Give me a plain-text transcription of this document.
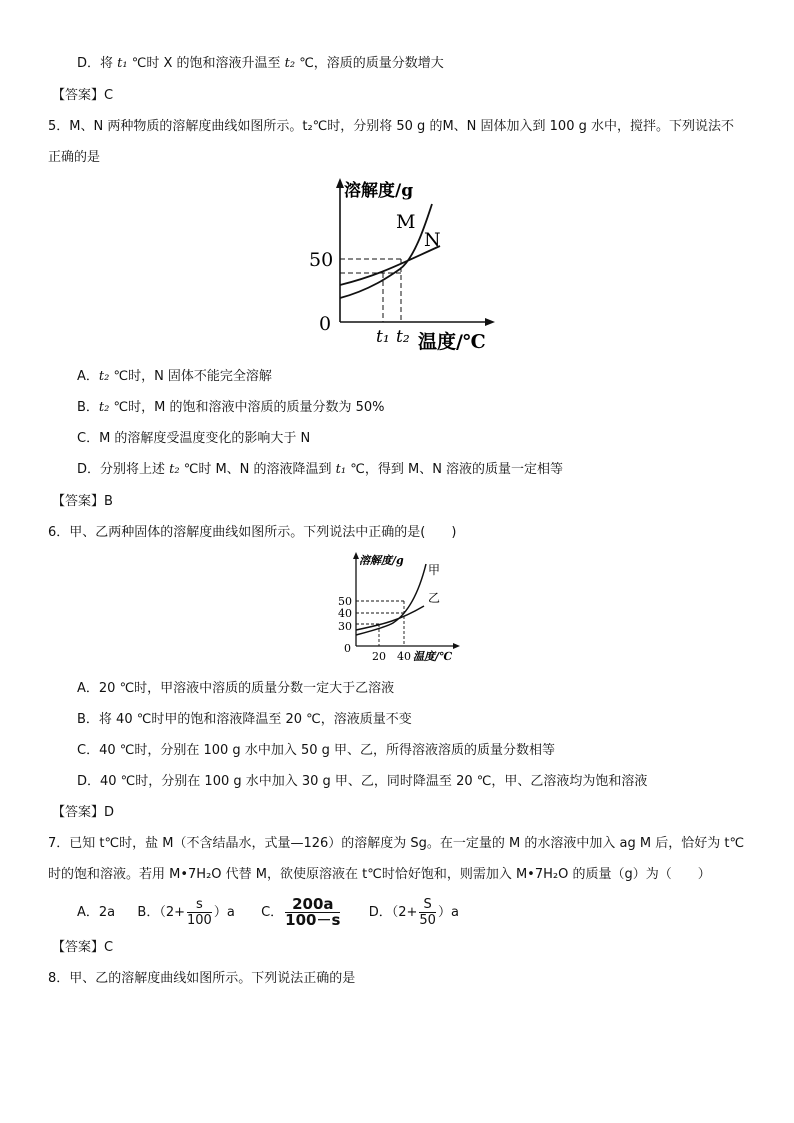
D．将 t₁ ℃时 X 的饱和溶液升温至 t₂ ℃，溶质的质量分数增大
【答案】C
5．M、N 两种物质的溶解度曲线如图所示。t₂℃时，分别将 50 g 的M、N 固体加入到 100 g 水中，搅拌。下列说法不
正确的是
溶解度/g
M
N
50
0
t₁ t₂ 温度/℃
A．t₂ ℃时，N 固体不能完全溶解
B．t₂ ℃时，M 的饱和溶液中溶质的质量分数为 50%
C．M 的溶解度受温度变化的影响大于 N
D．分别将上述 t₂ ℃时 M、N 的溶液降温到 t₁ ℃，得到 M、N 溶液的质量一定相等
【答案】B
6．甲、乙两种固体的溶解度曲线如图所示。下列说法中正确的是(　　)
溶解度/g
甲
乙
50
40
30
0
20 40 温度/℃
A．20 ℃时，甲溶液中溶质的质量分数一定大于乙溶液
B．将 40 ℃时甲的饱和溶液降温至 20 ℃，溶液质量不变
C．40 ℃时，分别在 100 g 水中加入 50 g 甲、乙，所得溶液溶质的质量分数相等
D．40 ℃时，分别在 100 g 水中加入 30 g 甲、乙，同时降温至 20 ℃，甲、乙溶液均为饱和溶液
【答案】D
7．已知 t℃时，盐 M（不含结晶水，式量—126）的溶解度为 Sg。在一定量的 M 的水溶液中加入 ag M 后，恰好为 t℃
时的饱和溶液。若用 M•7H₂O 代替 M，欲使原溶液在 t℃时恰好饱和，则需加入 M•7H₂O 的质量（g）为（　　）
A．2a B．$(2+ \frac{s}{100} )a$ C． $\frac{200a}{100-s}$ D．$(2+ \frac{S}{50} )a$
【答案】C
8．甲、乙的溶解度曲线如图所示。下列说法正确的是
